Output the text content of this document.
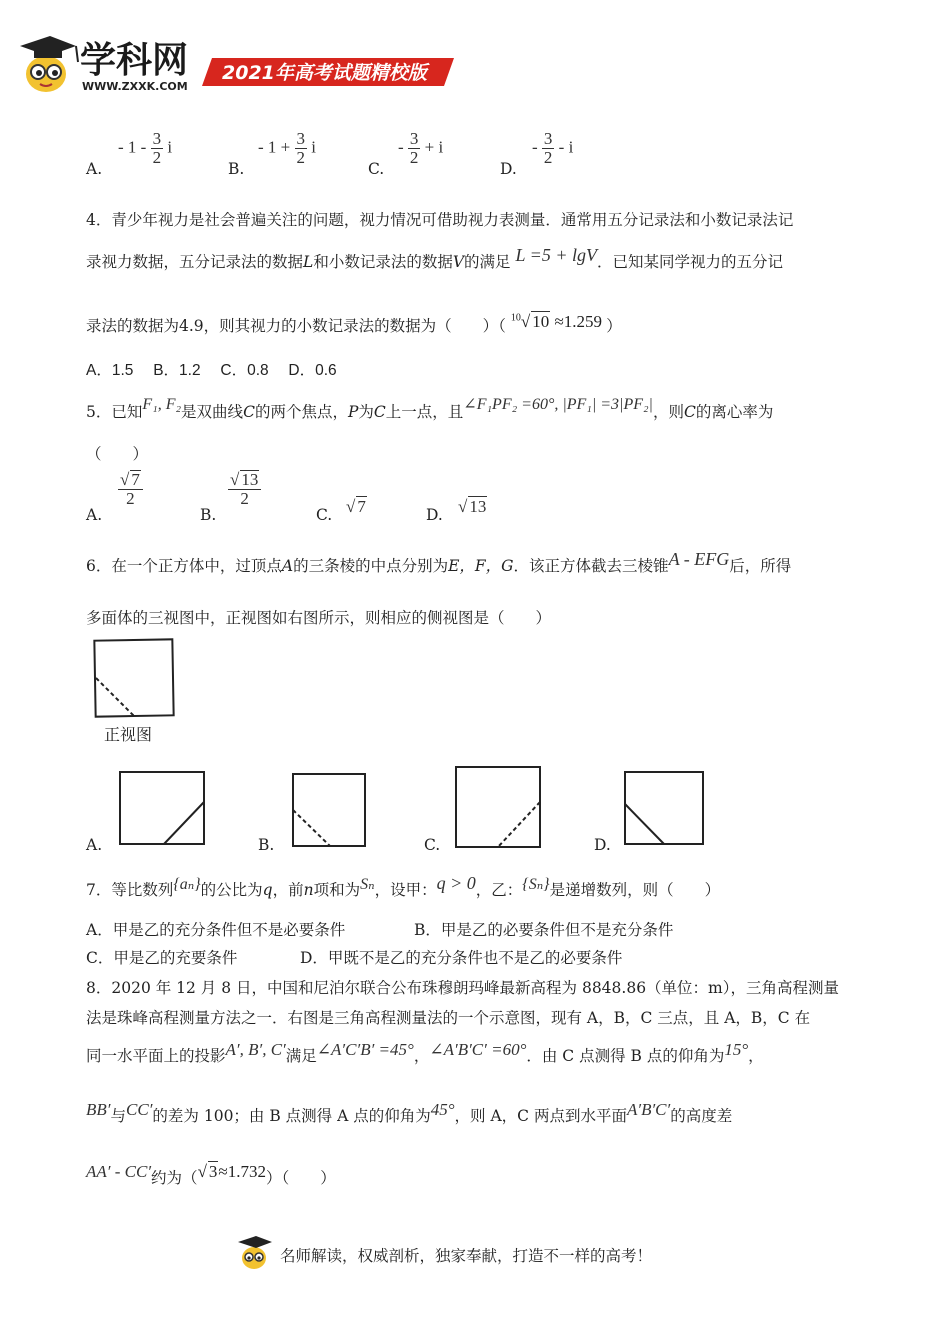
学科网
WWW.ZXXK.COM
2021年高考试题精校版
A.
- $1 - \frac{3}{2}$ i
B.
- $1 + \frac{3}{2}$ i
C.
- $\frac{3}{2} + i$
D.
- $\frac{3}{2}$ - i
4．青少年视力是社会普遍关注的问题，视力情况可借助视力表测量．通常用五分记录法和小数记录法记
录视力数据，五分记录法的数据L和小数记录法的数据V的满足 L =5 + lgV．已知某同学视力的五分记
录法的数据为4.9，则其视力的小数记录法的数据为（　　）（ $^{10}$√ 10 ≈1.259 ）
A．1.5　 B．1.2　 C．0.8　 D．0.6
5．已知F₁, F₂是双曲线C的两个焦点，P为C上一点，且∠F₁PF₂ =60°, |PF₁| =3|PF₂|，则C的离心率为
（　　）
A.
$\frac{√ 7}{2}$
B.
$\frac{√ 13}{2}$
C. √ 7	D. √ 13
6．在一个正方体中，过顶点A的三条棱的中点分别为E，F，G．该正方体截去三棱锥A - EFG后，所得
多面体的三视图中，正视图如右图所示，则相应的侧视图是（　　）
正视图
A.	B.	C.	D.
7．等比数列{aₙ}的公比为q，前n项和为Sₙ，设甲：q > 0，乙：{Sₙ}是递增数列，则（　　）
A．甲是乙的充分条件但不是必要条件	B．甲是乙的必要条件但不是充分条件
C．甲是乙的充要条件	D．甲既不是乙的充分条件也不是乙的必要条件
8．2020 年 12 月 8 日，中国和尼泊尔联合公布珠穆朗玛峰最新高程为 8848.86（单位：m），三角高程测量
法是珠峰高程测量方法之一．右图是三角高程测量法的一个示意图，现有 A，B，C 三点，且 A，B，C 在
同一水平面上的投影A′, B′, C′满足∠A′C′B′ =45°，∠A′B′C′ =60°．由 C 点测得 B 点的仰角为15°，
BB′与CC′的差为 100；由 B 点测得 A 点的仰角为45°，则 A，C 两点到水平面A′B′C′的高度差
AA′ - CC′约为（√ 3≈1.732）（　　）
名师解读，权威剖析，独家奉献，打造不一样的高考！
